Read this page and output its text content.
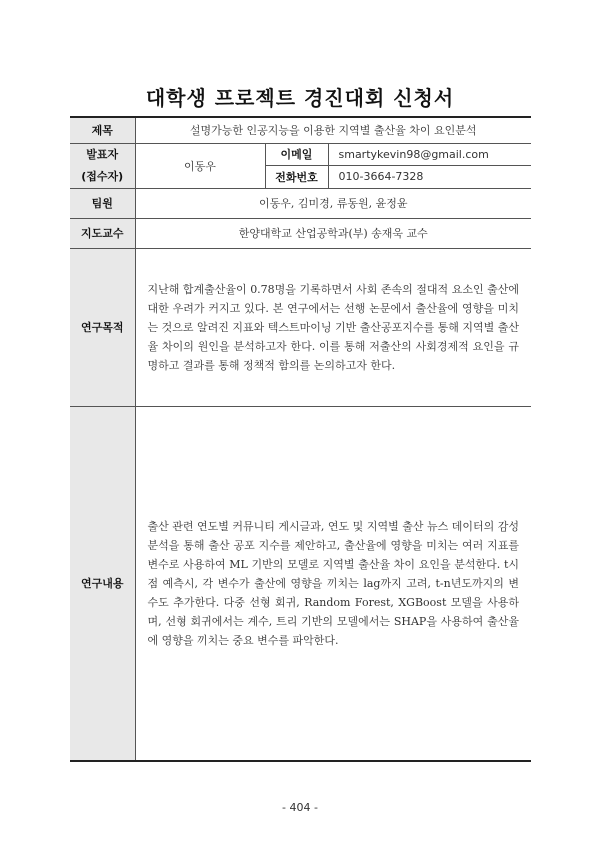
대학생 프로젝트 경진대회 신청서
제목	설명가능한 인공지능을 이용한 지역별 출산율 차이 요인분석		

발표자
(접수자)	이동우	이메일	smartykevin98@gmail.com
		전화번호	010-3664-7328
팀원	이동우, 김미경, 류동원, 윤정윤		
지도교수	한양대학교 산업공학과(부) 송재욱 교수		
연구목적	지난해 합계출산율이 0.78명을 기록하면서 사회 존속의 절대적 요소인 출산에 대한 우려가 커지고 있다. 본 연구에서는 선행 논문에서 출산율에 영향을 미치는 것으로 알려진 지표와 텍스트마이닝 기반 출산공포지수를 통해 지역별 출산율 차이의 원인을 분석하고자 한다. 이를 통해 저출산의 사회경제적 요인을 규명하고 결과를 통해 정책적 함의를 논의하고자 한다.		
연구내용	출산 관련 연도별 커뮤니티 게시글과, 연도 및 지역별 출산 뉴스 데이터의 감성 분석을 통해 출산 공포 지수를 제안하고, 출산율에 영향을 미치는 여러 지표를 변수로 사용하여 ML 기반의 모델로 지역별 출산율 차이 요인을 분석한다. t시점 예측시, 각 변수가 출산에 영향을 끼치는 lag까지 고려, t-n년도까지의 변수도 추가한다. 다중 선형 회귀, Random Forest, XGBoost 모델을 사용하며, 선형 회귀에서는 계수, 트리 기반의 모델에서는 SHAP을 사용하여 출산율에 영향을 끼치는 중요 변수를 파악한다.		
- 404 -
